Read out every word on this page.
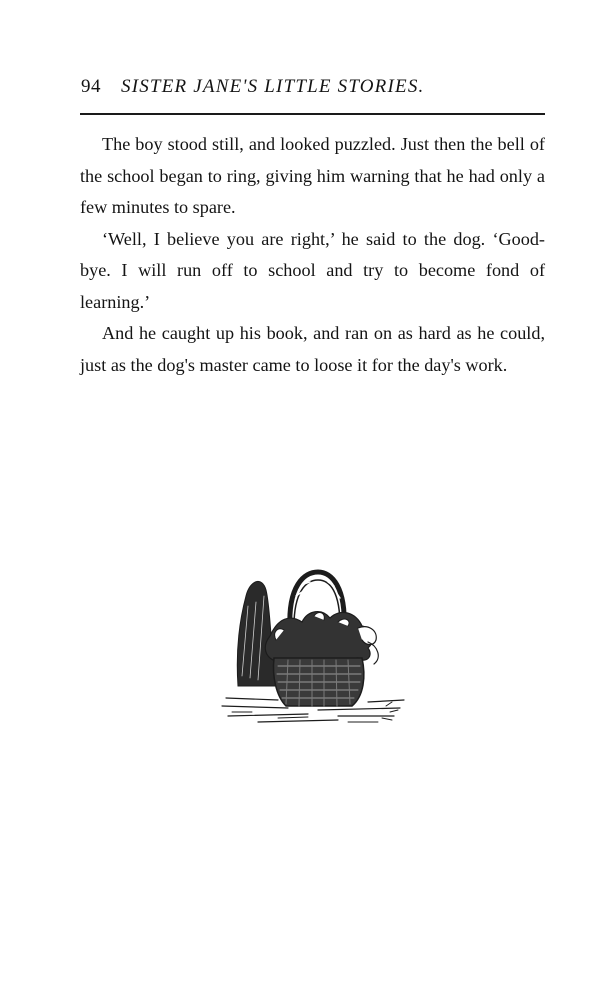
94 SISTER JANE'S LITTLE STORIES.

The boy stood still, and looked puzzled. Just then the bell of the school began to ring, giving him warning that he had only a few minutes to spare.

‘Well, I believe you are right,’ he said to the dog. ‘Good-bye. I will run off to school and try to become fond of learning.’

And he caught up his book, and ran on as hard as he could, just as the dog's master came to loose it for the day's work.
